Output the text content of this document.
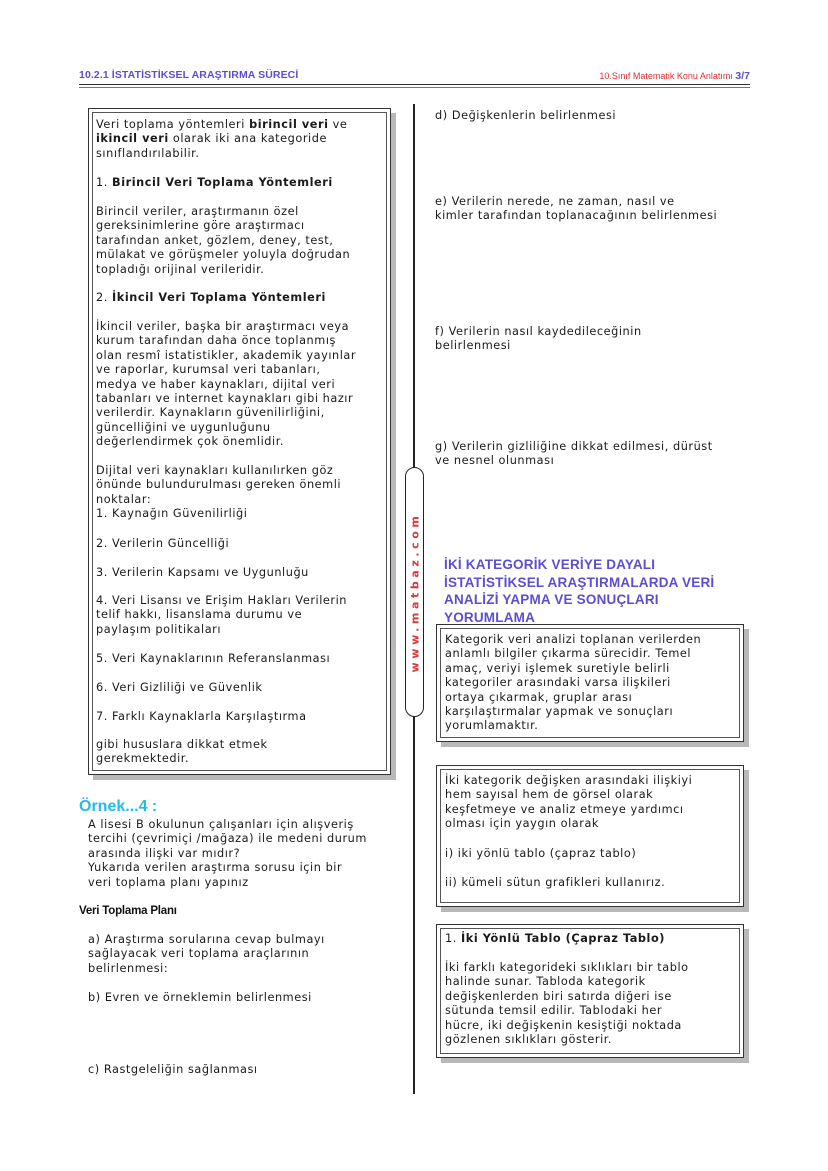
10.2.1 İSTATİSTİKSEL ARAŞTIRMA SÜRECİ	10.Sınıf Matematik Konu Anlatımı 3/7
Veri toplama yöntemleri birincil veri ve
ikincil veri olarak iki ana kategoride
sınıflandırılabilir.
1. Birincil Veri Toplama Yöntemleri
Birincil veriler, araştırmanın özel
gereksinimlerine göre araştırmacı
tarafından anket, gözlem, deney, test,
mülakat ve görüşmeler yoluyla doğrudan
topladığı orijinal verileridir.
2. İkincil Veri Toplama Yöntemleri
İkincil veriler, başka bir araştırmacı veya
kurum tarafından daha önce toplanmış
olan resmî istatistikler, akademik yayınlar
ve raporlar, kurumsal veri tabanları,
medya ve haber kaynakları, dijital veri
tabanları ve internet kaynakları gibi hazır
verilerdir. Kaynakların güvenilirliğini,
güncelliğini ve uygunluğunu
değerlendirmek çok önemlidir.
Dijital veri kaynakları kullanılırken göz
önünde bulundurulması gereken önemli
noktalar:
1. Kaynağın Güvenilirliği
2. Verilerin Güncelliği
3. Verilerin Kapsamı ve Uygunluğu
4. Veri Lisansı ve Erişim Hakları Verilerin
telif hakkı, lisanslama durumu ve
paylaşım politikaları
5. Veri Kaynaklarının Referanslanması
6. Veri Gizliliği ve Güvenlik
7. Farklı Kaynaklarla Karşılaştırma
gibi hususlara dikkat etmek
gerekmektedir.
Örnek...4 :
A lisesi B okulunun çalışanları için alışveriş
tercihi (çevrimiçi /mağaza) ile medeni durum
arasında ilişki var mıdır?
Yukarıda verilen araştırma sorusu için bir
veri toplama planı yapınız
Veri Toplama Planı
a) Araştırma sorularına cevap bulmayı
sağlayacak veri toplama araçlarının
belirlenmesi:
b) Evren ve örneklemin belirlenmesi
c) Rastgeleliğin sağlanması
www.matbaz.com
d) Değişkenlerin belirlenmesi
e) Verilerin nerede, ne zaman, nasıl ve
kimler tarafından toplanacağının belirlenmesi
f) Verilerin nasıl kaydedileceğinin
belirlenmesi
g) Verilerin gizliliğine dikkat edilmesi, dürüst
ve nesnel olunması
İKİ KATEGORİK VERİYE DAYALI
İSTATİSTİKSEL ARAŞTIRMALARDA VERİ
ANALİZİ YAPMA VE SONUÇLARI
YORUMLAMA
Kategorik veri analizi toplanan verilerden
anlamlı bilgiler çıkarma sürecidir. Temel
amaç, veriyi işlemek suretiyle belirli
kategoriler arasındaki varsa ilişkileri
ortaya çıkarmak, gruplar arası
karşılaştırmalar yapmak ve sonuçları
yorumlamaktır.
İki kategorik değişken arasındaki ilişkiyi
hem sayısal hem de görsel olarak
keşfetmeye ve analiz etmeye yardımcı
olması için yaygın olarak
i) iki yönlü tablo (çapraz tablo)
ii) kümeli sütun grafikleri kullanırız.
1. İki Yönlü Tablo (Çapraz Tablo)
İki farklı kategorideki sıklıkları bir tablo
halinde sunar. Tabloda kategorik
değişkenlerden biri satırda diğeri ise
sütunda temsil edilir. Tablodaki her
hücre, iki değişkenin kesiştiği noktada
gözlenen sıklıkları gösterir.
